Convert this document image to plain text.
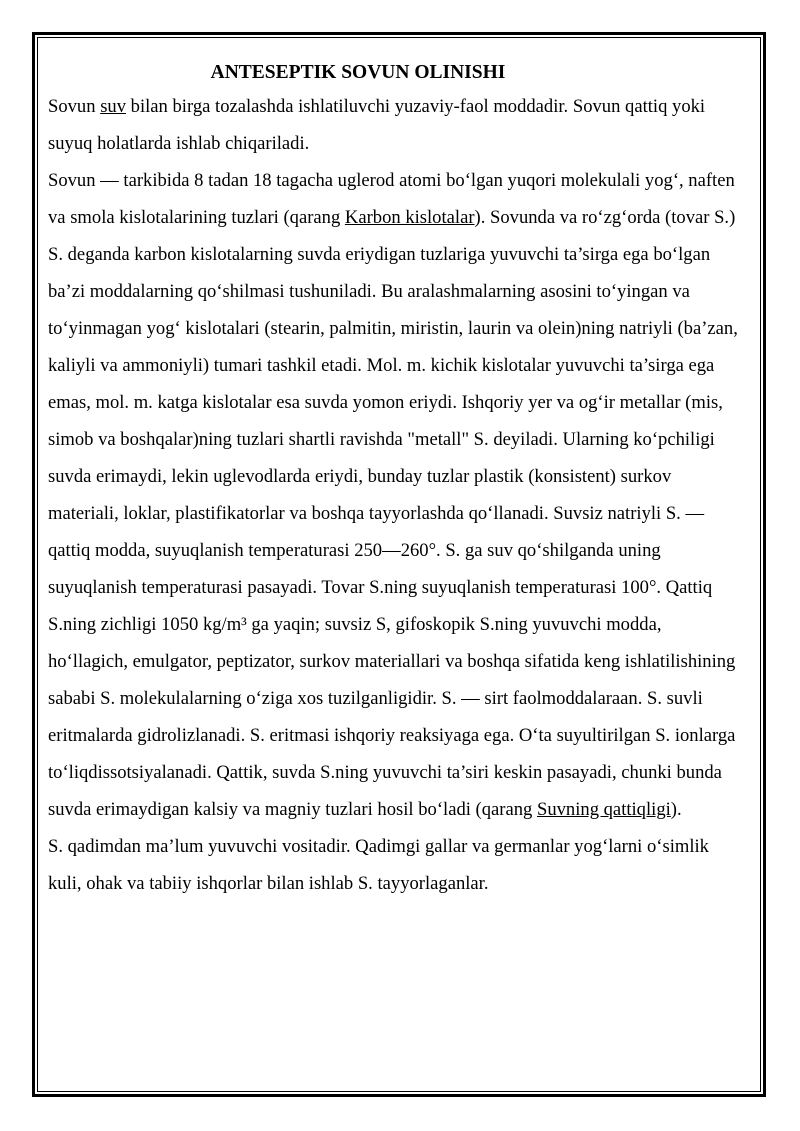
ANTESEPTIK SOVUN OLINISHI

Sovun suv bilan birga tozalashda ishlatiluvchi yuzaviy-faol moddadir. Sovun qattiq yoki suyuq holatlarda ishlab chiqariladi.

Sovun — tarkibida 8 tadan 18 tagacha uglerod atomi bo‘lgan yuqori molekulali yog‘, naften va smola kislotalarining tuzlari (qarang Karbon kislotalar). Sovunda va ro‘zg‘orda (tovar S.) S. deganda karbon kislotalarning suvda eriydigan tuzlariga yuvuvchi ta’sirga ega bo‘lgan ba’zi moddalarning qo‘shilmasi tushuniladi. Bu aralashmalarning asosini to‘yingan va to‘yinmagan yog‘ kislotalari (stearin, palmitin, miristin, laurin va olein)ning natriyli (ba’zan, kaliyli va ammoniyli) tumari tashkil etadi. Mol. m. kichik kislotalar yuvuvchi ta’sirga ega emas, mol. m. katga kislotalar esa suvda yomon eriydi. Ishqoriy yer va og‘ir metallar (mis, simob va boshqalar)ning tuzlari shartli ravishda "metall" S. deyiladi. Ularning ko‘pchiligi suvda erimaydi, lekin uglevodlarda eriydi, bunday tuzlar plastik (konsistent) surkov materiali, loklar, plastifikatorlar va boshqa tayyorlashda qo‘llanadi. Suvsiz natriyli S. — qattiq modda, suyuqlanish temperaturasi 250—260°. S. ga suv qo‘shilganda uning suyuqlanish temperaturasi pasayadi. Tovar S.ning suyuqlanish temperaturasi 100°. Qattiq S.ning zichligi 1050 kg/m³ ga yaqin; suvsiz S, gifoskopik S.ning yuvuvchi modda, ho‘llagich, emulgator, peptizator, surkov materiallari va boshqa sifatida keng ishlatilishining sababi S. molekulalarning o‘ziga xos tuzilganligidir. S. — sirt faolmoddalaraan. S. suvli eritmalarda gidrolizlanadi. S. eritmasi ishqoriy reaksiyaga ega. O‘ta suyultirilgan S. ionlarga to‘liqdissotsiyalanadi. Qattik, suvda S.ning yuvuvchi ta’siri keskin pasayadi, chunki bunda suvda erimaydigan kalsiy va magniy tuzlari hosil bo‘ladi (qarang Suvning qattiqligi).

S. qadimdan ma’lum yuvuvchi vositadir. Qadimgi gallar va germanlar yog‘larni o‘simlik kuli, ohak va tabiiy ishqorlar bilan ishlab S. tayyorlaganlar.
